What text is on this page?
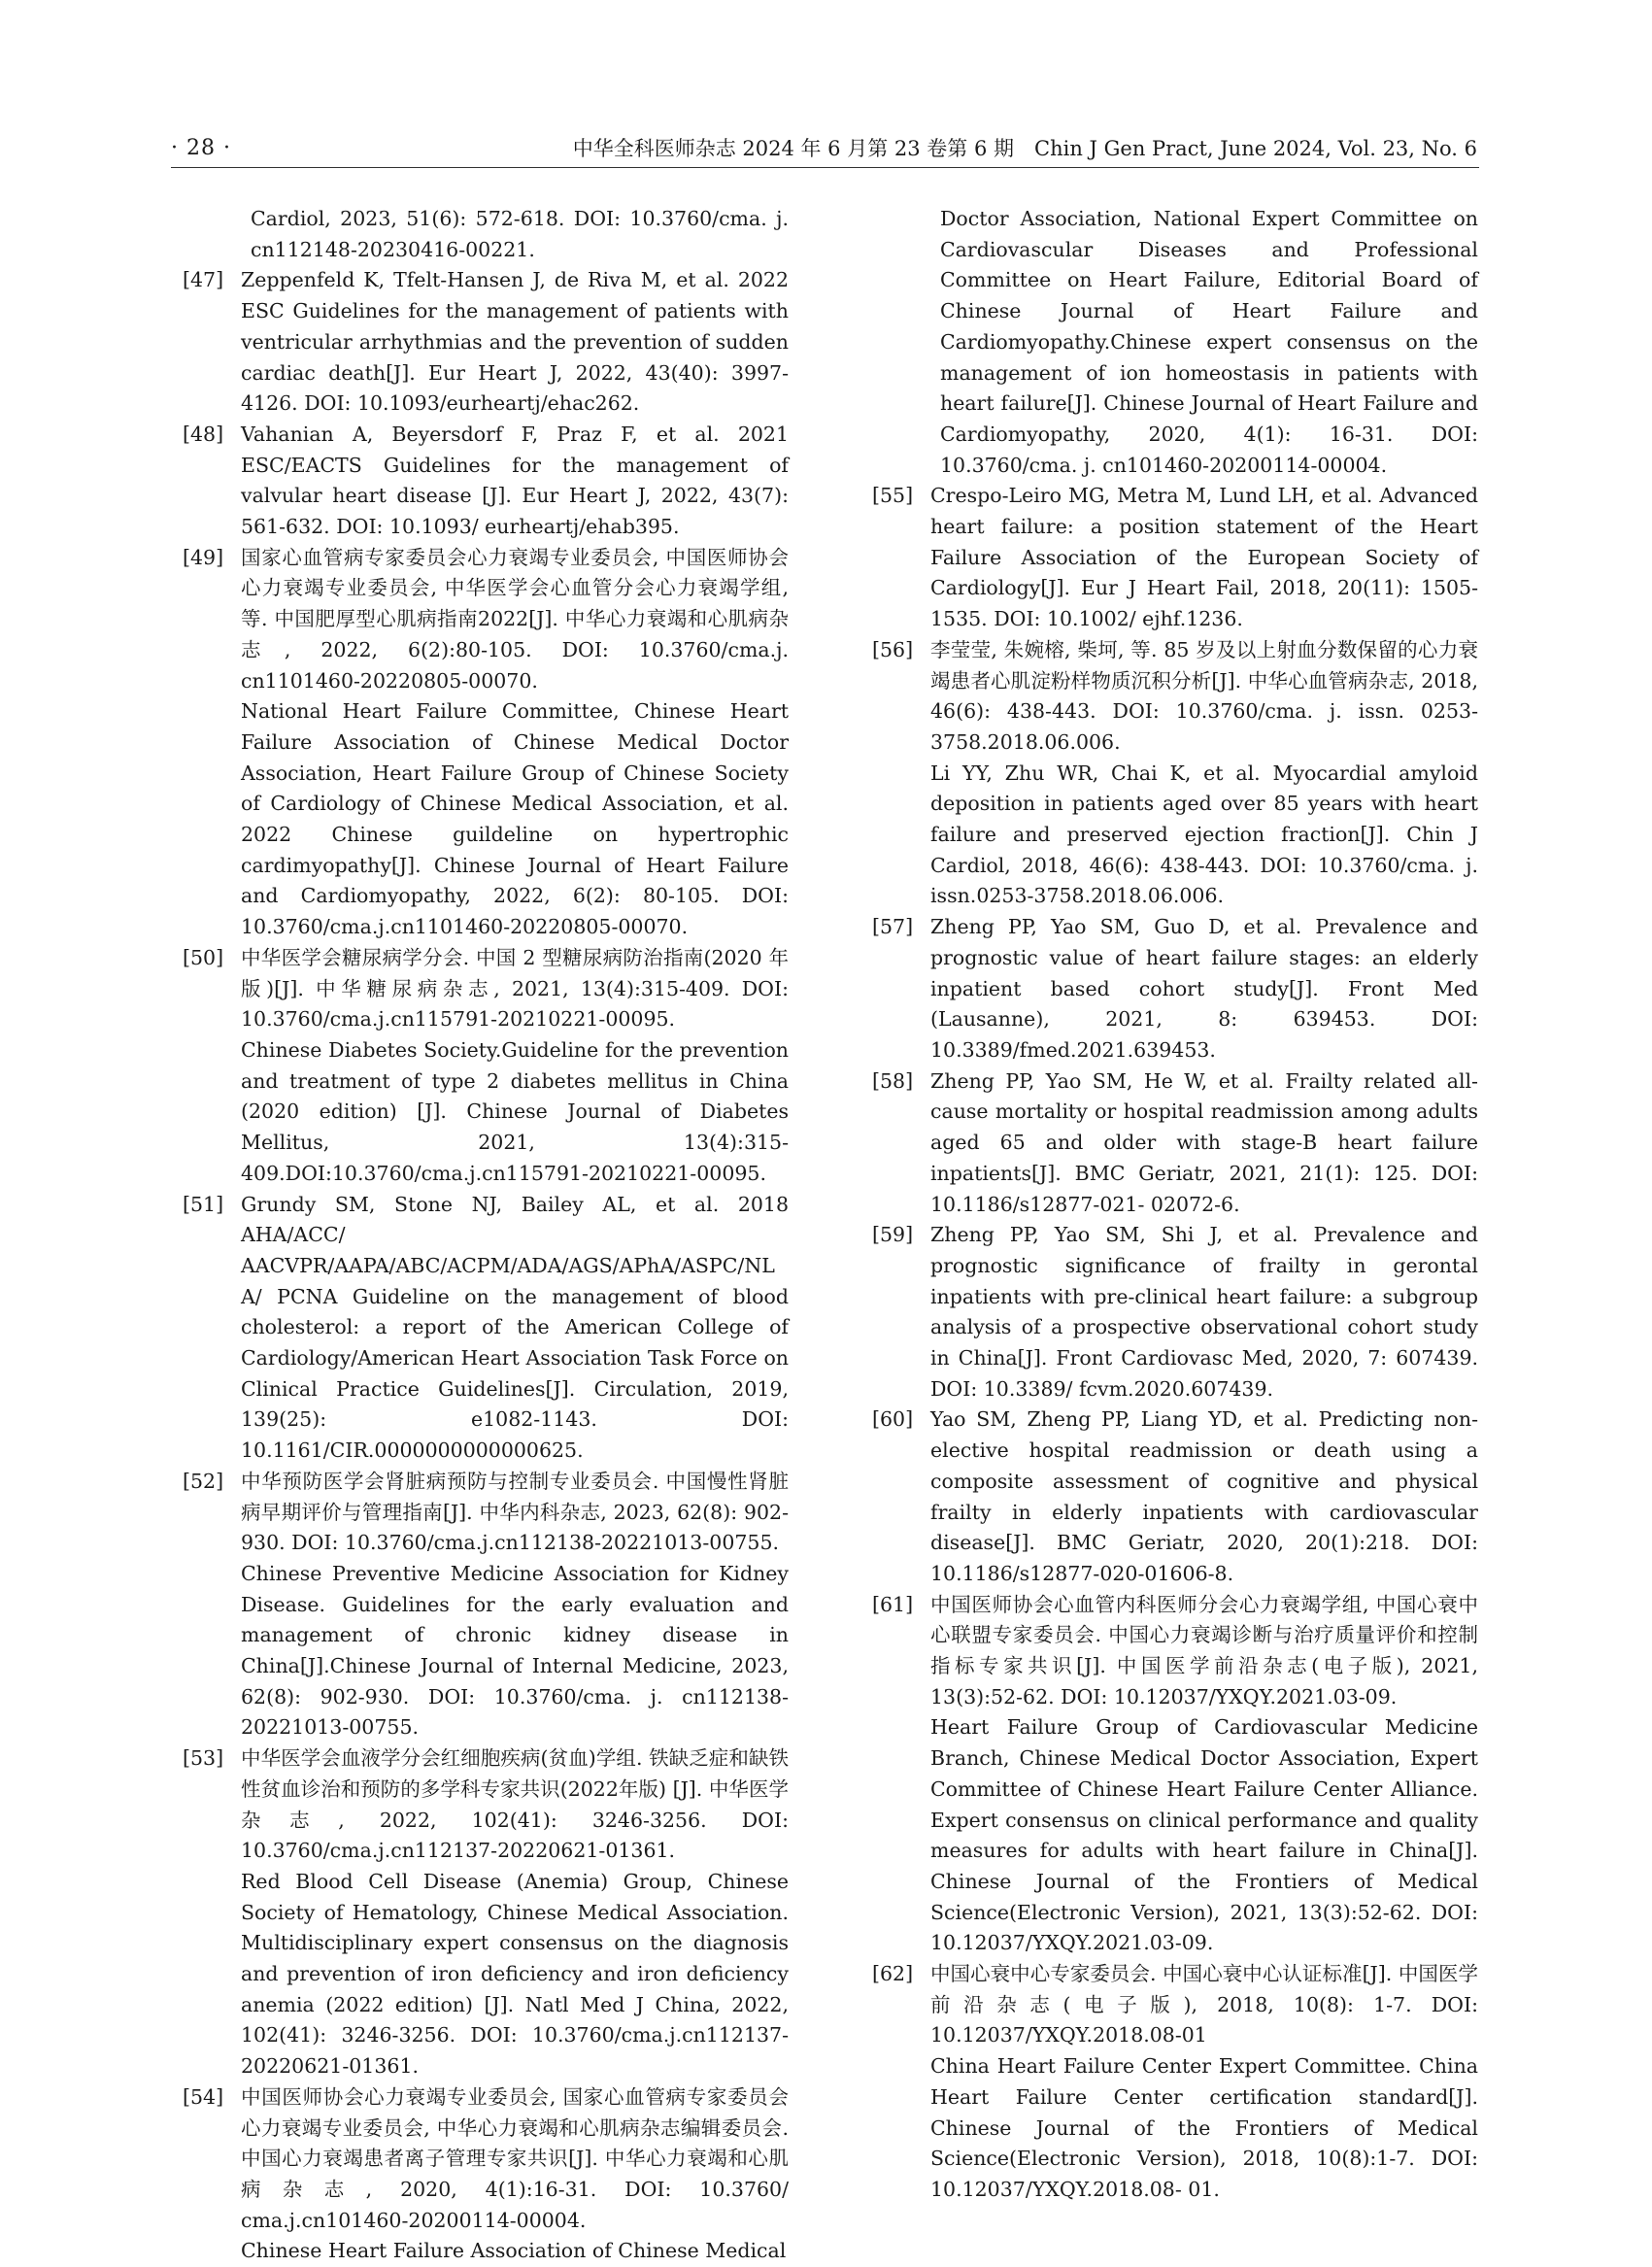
· 28 ·	中华全科医师杂志 2024 年 6 月第 23 卷第 6 期　Chin J Gen Pract, June 2024, Vol. 23, No. 6

Cardiol, 2023, 51(6): 572-618. DOI: 10.3760/cma. j. cn112148-20230416-00221.

[47] Zeppenfeld K, Tfelt-Hansen J, de Riva M, et al. 2022 ESC Guidelines for the management of patients with ventricular arrhythmias and the prevention of sudden cardiac death[J]. Eur Heart J, 2022, 43(40): 3997-4126. DOI: 10.1093/eurheartj/ehac262.

[48] Vahanian A, Beyersdorf F, Praz F, et al. 2021 ESC/EACTS Guidelines for the management of valvular heart disease [J]. Eur Heart J, 2022, 43(7): 561-632. DOI: 10.1093/ eurheartj/ehab395.

[49] 国家心血管病专家委员会心力衰竭专业委员会, 中国医师协会心力衰竭专业委员会, 中华医学会心血管分会心力衰竭学组, 等. 中国肥厚型心肌病指南2022[J]. 中华心力衰竭和心肌病杂志, 2022, 6(2):80-105. DOI: 10.3760/cma.j. cn1101460-20220805-00070.

National Heart Failure Committee, Chinese Heart Failure Association of Chinese Medical Doctor Association, Heart Failure Group of Chinese Society of Cardiology of Chinese Medical Association, et al. 2022 Chinese guildeline on hypertrophic cardimyopathy[J]. Chinese Journal of Heart Failure and Cardiomyopathy, 2022, 6(2): 80-105. DOI: 10.3760/cma.j.cn1101460-20220805-00070.

[50] 中华医学会糖尿病学分会. 中国 2 型糖尿病防治指南(2020 年版)[J]. 中华糖尿病杂志, 2021, 13(4):315-409. DOI: 10.3760/cma.j.cn115791-20210221-00095.

Chinese Diabetes Society.Guideline for the prevention and treatment of type 2 diabetes mellitus in China (2020 edition) [J]. Chinese Journal of Diabetes Mellitus, 2021, 13(4):315-409.DOI:10.3760/cma.j.cn115791-20210221-00095.

[51] Grundy SM, Stone NJ, Bailey AL, et al. 2018 AHA/ACC/ AACVPR/AAPA/ABC/ACPM/ADA/AGS/APhA/ASPC/NLA/ PCNA Guideline on the management of blood cholesterol: a report of the American College of Cardiology/American Heart Association Task Force on Clinical Practice Guidelines[J]. Circulation, 2019, 139(25): e1082-1143. DOI: 10.1161/CIR.0000000000000625.

[52] 中华预防医学会肾脏病预防与控制专业委员会. 中国慢性肾脏病早期评价与管理指南[J]. 中华内科杂志, 2023, 62(8): 902-930. DOI: 10.3760/cma.j.cn112138-20221013-00755.

Chinese Preventive Medicine Association for Kidney Disease. Guidelines for the early evaluation and management of chronic kidney disease in China[J].Chinese Journal of Internal Medicine, 2023, 62(8): 902-930. DOI: 10.3760/cma. j. cn112138-20221013-00755.

[53] 中华医学会血液学分会红细胞疾病(贫血)学组. 铁缺乏症和缺铁性贫血诊治和预防的多学科专家共识(2022年版) [J]. 中华医学杂志, 2022, 102(41): 3246-3256. DOI: 10.3760/cma.j.cn112137-20220621-01361.

Red Blood Cell Disease (Anemia) Group, Chinese Society of Hematology, Chinese Medical Association. Multidisciplinary expert consensus on the diagnosis and prevention of iron deficiency and iron deficiency anemia (2022 edition) [J]. Natl Med J China, 2022, 102(41): 3246-3256. DOI: 10.3760/cma.j.cn112137-20220621-01361.

[54] 中国医师协会心力衰竭专业委员会, 国家心血管病专家委员会心力衰竭专业委员会, 中华心力衰竭和心肌病杂志编辑委员会. 中国心力衰竭患者离子管理专家共识[J]. 中华心力衰竭和心肌病杂志, 2020, 4(1):16-31. DOI: 10.3760/ cma.j.cn101460-20200114-00004.

Chinese Heart Failure Association of Chinese Medical

Doctor Association, National Expert Committee on Cardiovascular Diseases and Professional Committee on Heart Failure, Editorial Board of Chinese Journal of Heart Failure and Cardiomyopathy.Chinese expert consensus on the management of ion homeostasis in patients with heart failure[J]. Chinese Journal of Heart Failure and Cardiomyopathy, 2020, 4(1): 16-31. DOI: 10.3760/cma. j. cn101460-20200114-00004.

[55] Crespo-Leiro MG, Metra M, Lund LH, et al. Advanced heart failure: a position statement of the Heart Failure Association of the European Society of Cardiology[J]. Eur J Heart Fail, 2018, 20(11): 1505-1535. DOI: 10.1002/ ejhf.1236.

[56] 李莹莹, 朱婉榕, 柴坷, 等. 85 岁及以上射血分数保留的心力衰竭患者心肌淀粉样物质沉积分析[J]. 中华心血管病杂志, 2018, 46(6): 438-443. DOI: 10.3760/cma. j. issn. 0253-3758.2018.06.006.

Li YY, Zhu WR, Chai K, et al. Myocardial amyloid deposition in patients aged over 85 years with heart failure and preserved ejection fraction[J]. Chin J Cardiol, 2018, 46(6): 438-443. DOI: 10.3760/cma. j. issn.0253-3758.2018.06.006.

[57] Zheng PP, Yao SM, Guo D, et al. Prevalence and prognostic value of heart failure stages: an elderly inpatient based cohort study[J]. Front Med (Lausanne), 2021, 8: 639453. DOI: 10.3389/fmed.2021.639453.

[58] Zheng PP, Yao SM, He W, et al. Frailty related all-cause mortality or hospital readmission among adults aged 65 and older with stage-B heart failure inpatients[J]. BMC Geriatr, 2021, 21(1): 125. DOI: 10.1186/s12877-021- 02072-6.

[59] Zheng PP, Yao SM, Shi J, et al. Prevalence and prognostic significance of frailty in gerontal inpatients with pre-clinical heart failure: a subgroup analysis of a prospective observational cohort study in China[J]. Front Cardiovasc Med, 2020, 7: 607439. DOI: 10.3389/ fcvm.2020.607439.

[60] Yao SM, Zheng PP, Liang YD, et al. Predicting non-elective hospital readmission or death using a composite assessment of cognitive and physical frailty in elderly inpatients with cardiovascular disease[J]. BMC Geriatr, 2020, 20(1):218. DOI: 10.1186/s12877-020-01606-8.

[61] 中国医师协会心血管内科医师分会心力衰竭学组, 中国心衰中心联盟专家委员会. 中国心力衰竭诊断与治疗质量评价和控制指标专家共识[J]. 中国医学前沿杂志(电子版), 2021, 13(3):52-62. DOI: 10.12037/YXQY.2021.03-09.

Heart Failure Group of Cardiovascular Medicine Branch, Chinese Medical Doctor Association, Expert Committee of Chinese Heart Failure Center Alliance. Expert consensus on clinical performance and quality measures for adults with heart failure in China[J]. Chinese Journal of the Frontiers of Medical Science(Electronic Version), 2021, 13(3):52-62. DOI: 10.12037/YXQY.2021.03-09.

[62] 中国心衰中心专家委员会. 中国心衰中心认证标准[J]. 中国医学前沿杂志(电子版), 2018, 10(8): 1-7. DOI: 10.12037/YXQY.2018.08-01

China Heart Failure Center Expert Committee. China Heart Failure Center certification standard[J]. Chinese Journal of the Frontiers of Medical Science(Electronic Version), 2018, 10(8):1-7. DOI: 10.12037/YXQY.2018.08- 01.
